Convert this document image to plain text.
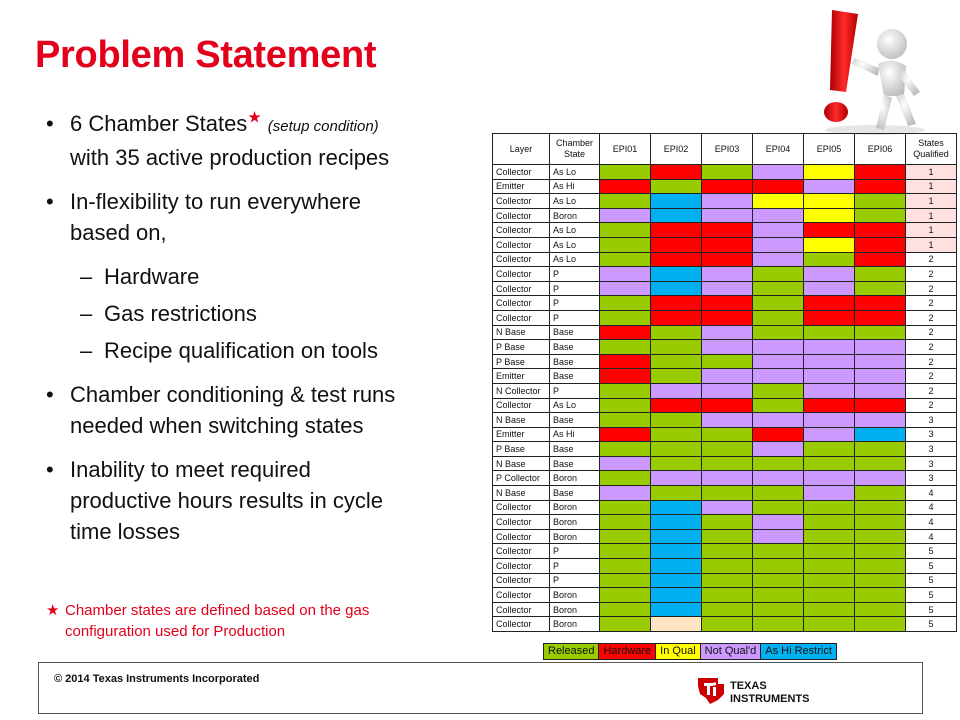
Problem Statement
• 6 Chamber States★ (setup condition)
with 35 active production recipes
• In-flexibility to run everywhere
based on,
– Hardware
– Gas restrictions
– Recipe qualification on tools
• Chamber conditioning & test runs
needed when switching states
• Inability to meet required
productive hours results in cycle
time losses
★ Chamber states are defined based on the gas
configuration used for Production
Layer	Chamber State	EPI01	EPI02	EPI03	EPI04	EPI05	EPI06	States Qualified
Collector	As Lo							1
Emitter	As Hi							1
Collector	As Lo							1
Collector	Boron							1
Collector	As Lo							1
Collector	As Lo							1
Collector	As Lo							2
Collector	P							2
Collector	P							2
Collector	P							2
Collector	P							2
N Base	Base							2
P Base	Base							2
P Base	Base							2
Emitter	Base							2
N Collector	P							2
Collector	As Lo							2
N Base	Base							3
Emitter	As Hi							3
P Base	Base							3
N Base	Base							3
P Collector	Boron							3
N Base	Base							4
Collector	Boron							4
Collector	Boron							4
Collector	Boron							4
Collector	P							5
Collector	P							5
Collector	P							5
Collector	Boron							5
Collector	Boron							5
Collector	Boron							5
Released Hardware In Qual Not Qual'd As Hi Restrict
© 2014 Texas Instruments Incorporated
TEXAS
INSTRUMENTS
